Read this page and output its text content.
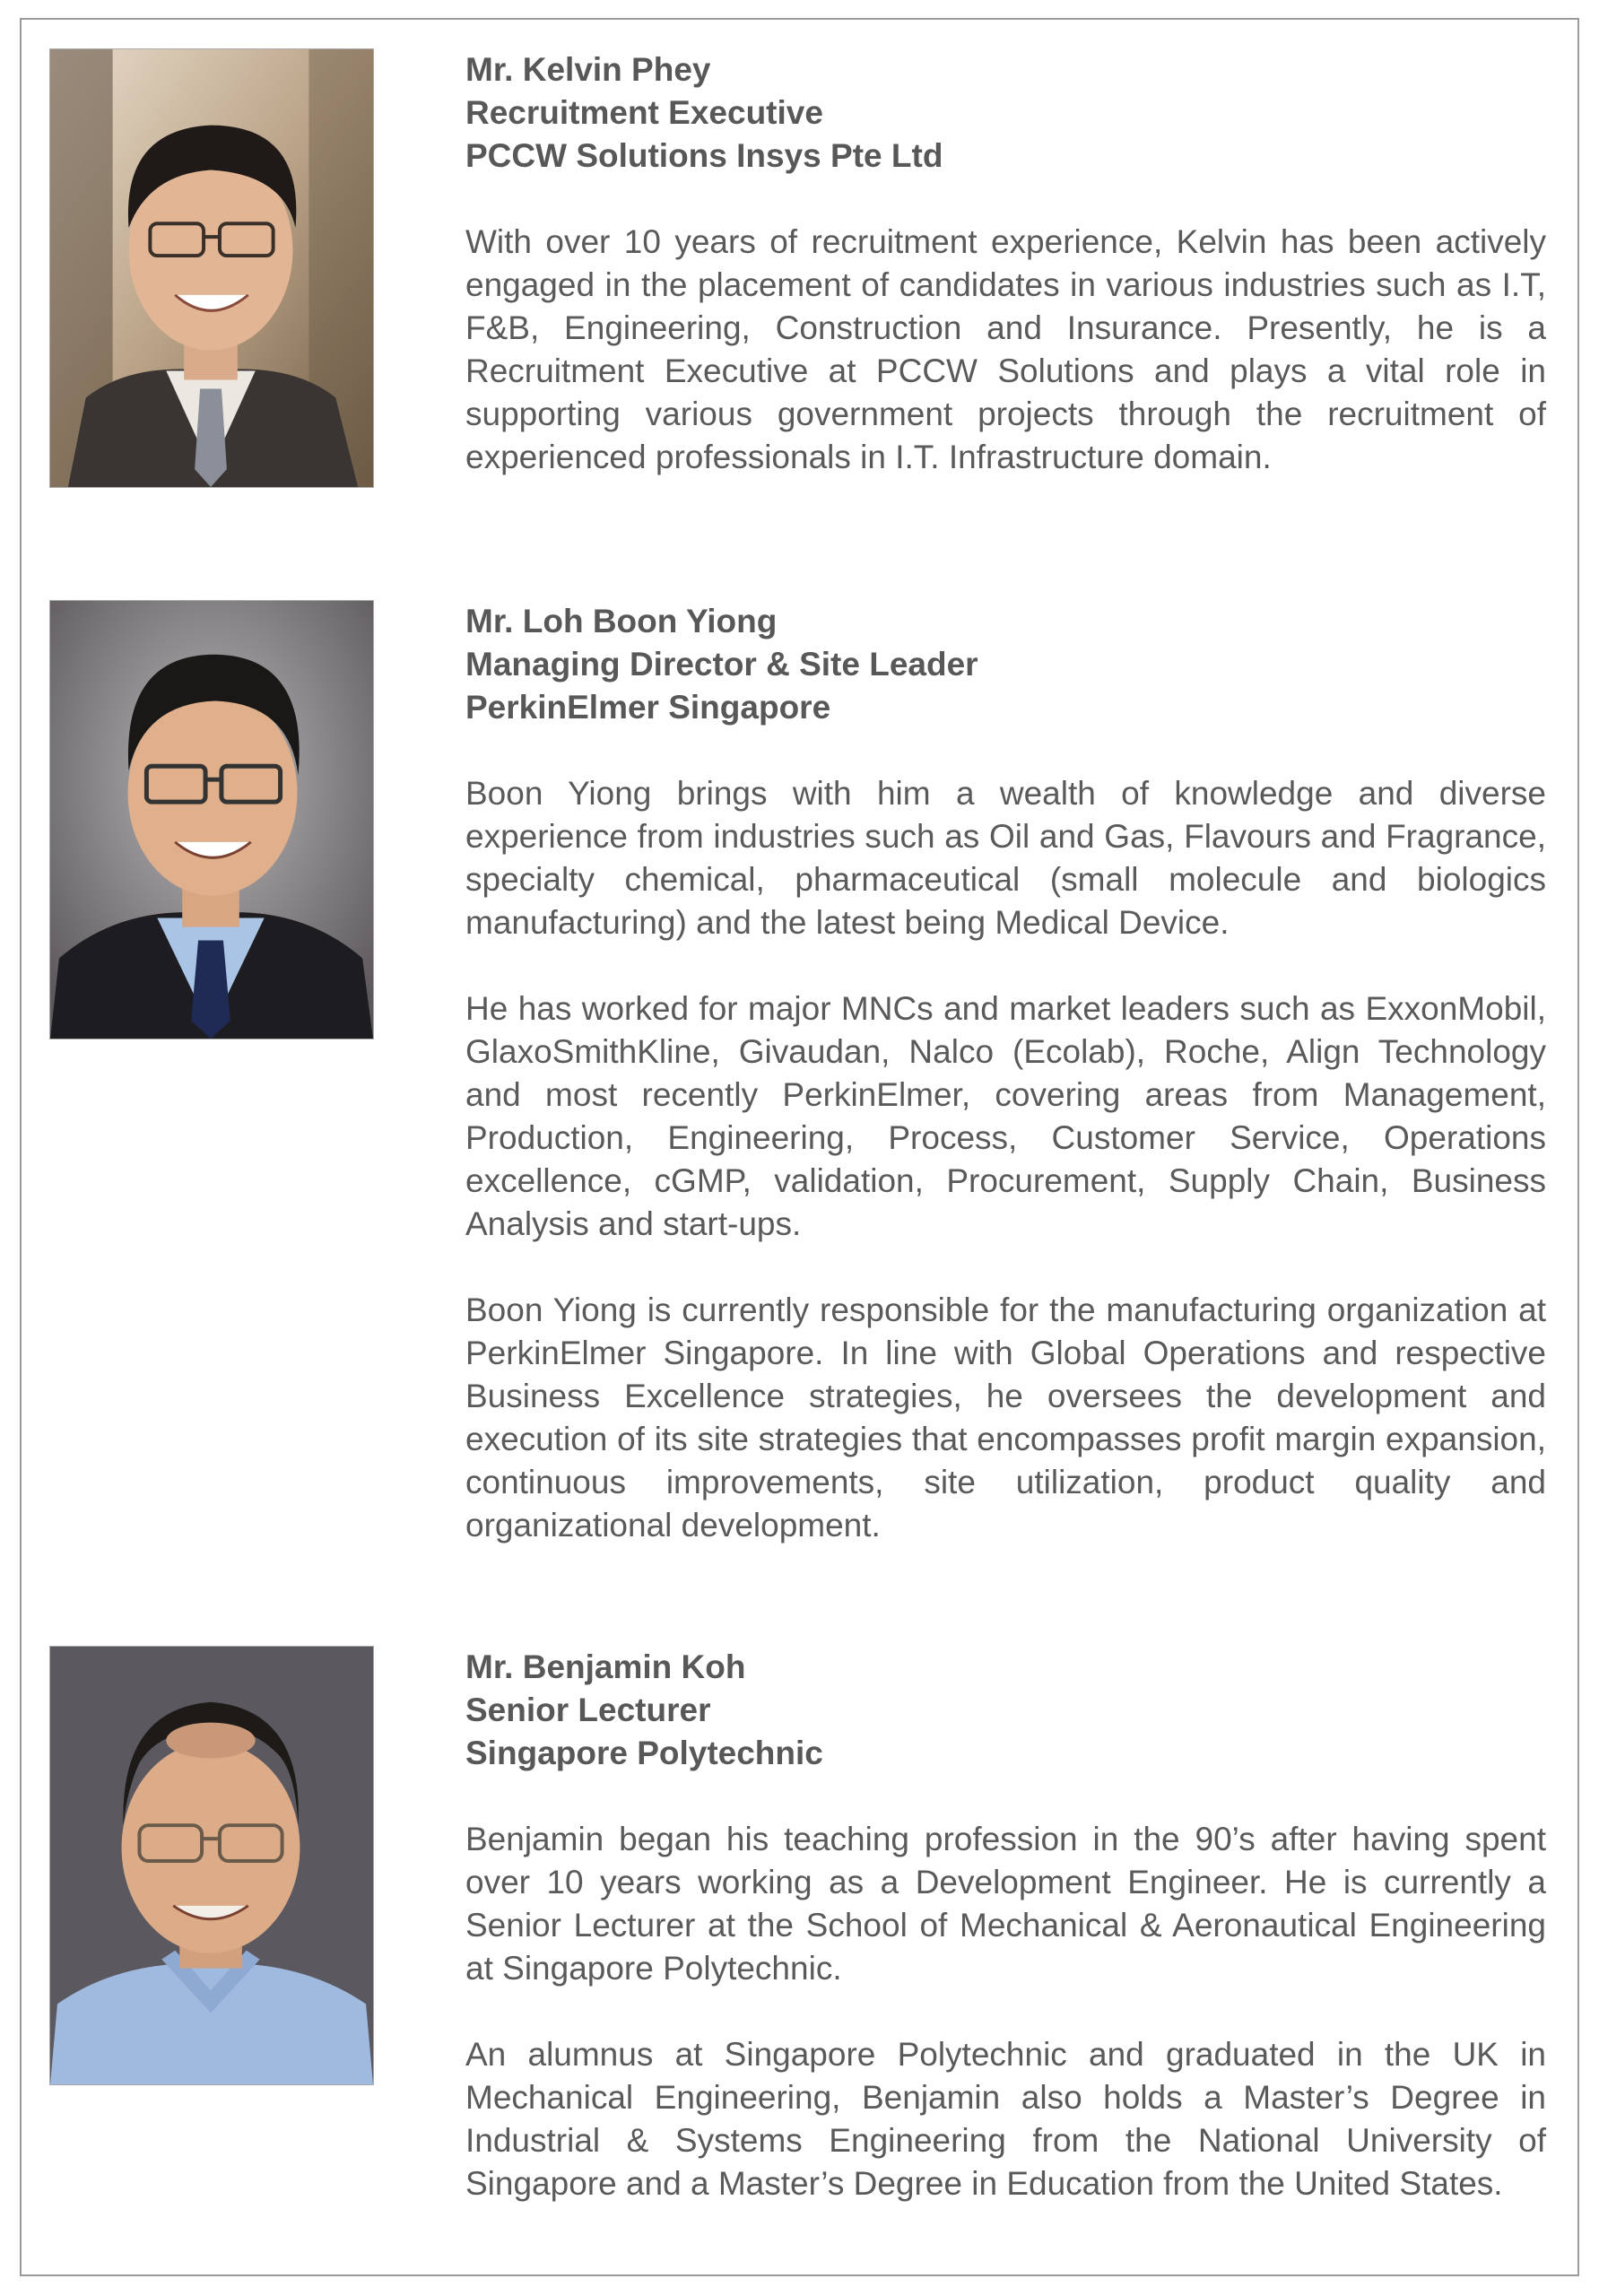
Mr. Kelvin Phey

Recruitment Executive

PCCW Solutions Insys Pte Ltd

With over 10 years of recruitment experience, Kelvin has been actively engaged in the placement of candidates in various industries such as I.T, F&B, Engineering, Construction and Insurance. Presently, he is a Recruitment Executive at PCCW Solutions and plays a vital role in supporting various government projects through the recruitment of experienced professionals in I.T. Infrastructure domain.

Mr. Loh Boon Yiong

Managing Director & Site Leader

PerkinElmer Singapore

Boon Yiong brings with him a wealth of knowledge and diverse experience from industries such as Oil and Gas, Flavours and Fragrance, specialty chemical, pharmaceutical (small molecule and biologics manufacturing) and the latest being Medical Device.

He has worked for major MNCs and market leaders such as ExxonMobil, GlaxoSmithKline, Givaudan, Nalco (Ecolab), Roche, Align Technology and most recently PerkinElmer, covering areas from Management, Production, Engineering, Process, Customer Service, Operations excellence, cGMP, validation, Procurement, Supply Chain, Business Analysis and start-ups.

Boon Yiong is currently responsible for the manufacturing organization at PerkinElmer Singapore. In line with Global Operations and respective Business Excellence strategies, he oversees the development and execution of its site strategies that encompasses profit margin expansion, continuous improvements, site utilization, product quality and organizational development.

Mr. Benjamin Koh

Senior Lecturer

Singapore Polytechnic

Benjamin began his teaching profession in the 90’s after having spent over 10 years working as a Development Engineer. He is currently a Senior Lecturer at the School of Mechanical & Aeronautical Engineering at Singapore Polytechnic.

An alumnus at Singapore Polytechnic and graduated in the UK in Mechanical Engineering, Benjamin also holds a Master’s Degree in Industrial & Systems Engineering from the National University of Singapore and a Master’s Degree in Education from the United States.
